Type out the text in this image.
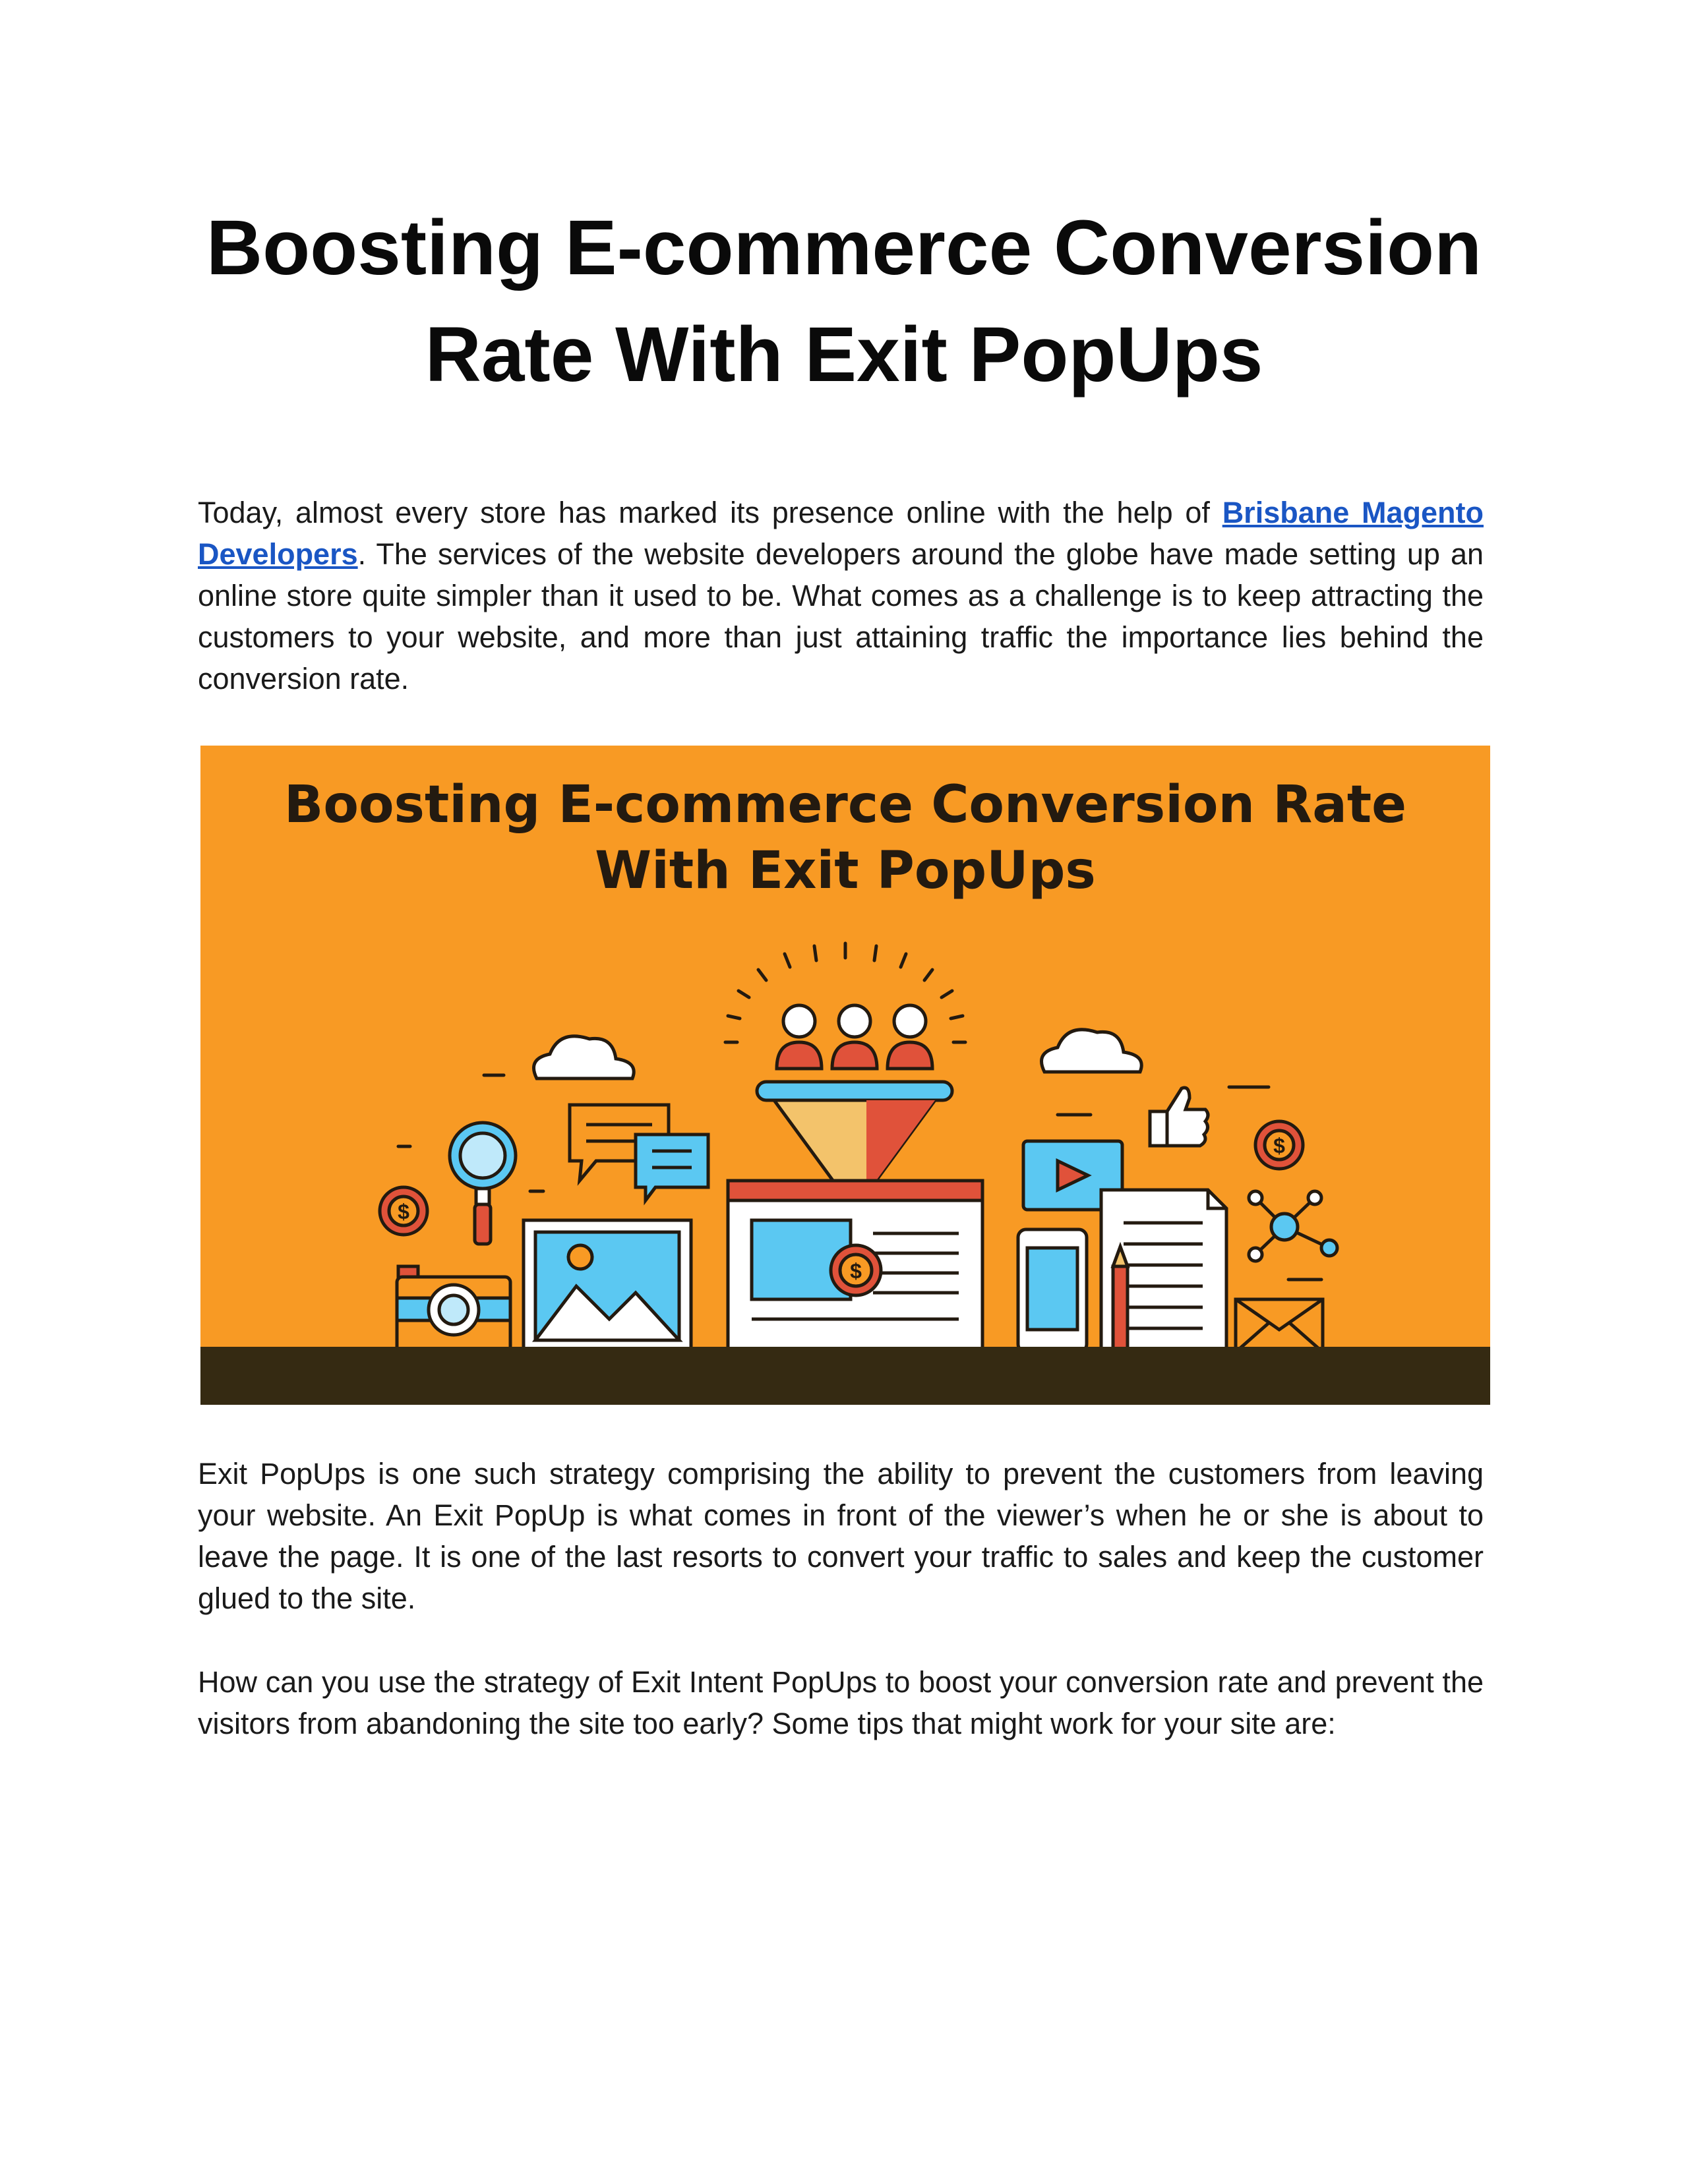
Boosting E-commerce Conversion
Rate With Exit PopUps

Today, almost every store has marked its presence online with the help of Brisbane Magento Developers. The services of the website developers around the globe have made setting up an online store quite simpler than it used to be. What comes as a challenge is to keep attracting the customers to your website, and more than just attaining traffic the importance lies behind the conversion rate.

Boosting E-commerce Conversion Rate
With Exit PopUps
$
$
$

Exit PopUps is one such strategy comprising the ability to prevent the customers from leaving your website. An Exit PopUp is what comes in front of the viewer’s when he or she is about to leave the page. It is one of the last resorts to convert your traffic to sales and keep the customer glued to the site.

How can you use the strategy of Exit Intent PopUps to boost your conversion rate and prevent the visitors from abandoning the site too early? Some tips that might work for your site are:
